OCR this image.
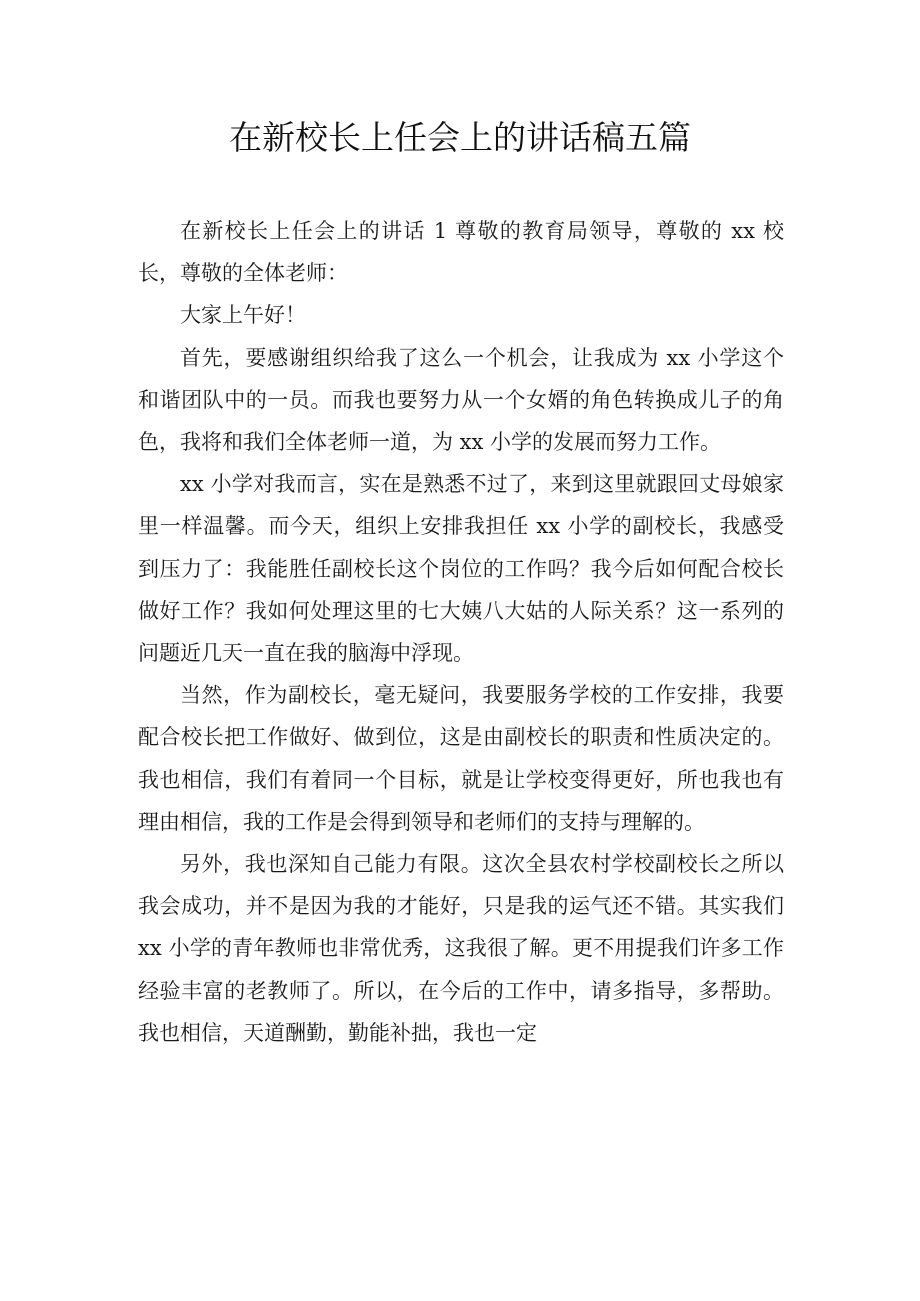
在新校长上任会上的讲话稿五篇

在新校长上任会上的讲话 1 尊敬的教育局领导，尊敬的 xx 校长，尊敬的全体老师：

大家上午好！

首先，要感谢组织给我了这么一个机会，让我成为 xx 小学这个和谐团队中的一员。而我也要努力从一个女婿的角色转换成儿子的角色，我将和我们全体老师一道，为 xx 小学的发展而努力工作。

xx 小学对我而言，实在是熟悉不过了，来到这里就跟回丈母娘家里一样温馨。而今天，组织上安排我担任 xx 小学的副校长，我感受到压力了：我能胜任副校长这个岗位的工作吗？我今后如何配合校长做好工作？我如何处理这里的七大姨八大姑的人际关系？这一系列的问题近几天一直在我的脑海中浮现。

当然，作为副校长，毫无疑问，我要服务学校的工作安排，我要配合校长把工作做好、做到位，这是由副校长的职责和性质决定的。我也相信，我们有着同一个目标，就是让学校变得更好，所也我也有理由相信，我的工作是会得到领导和老师们的支持与理解的。

另外，我也深知自己能力有限。这次全县农村学校副校长之所以我会成功，并不是因为我的才能好，只是我的运气还不错。其实我们 xx 小学的青年教师也非常优秀，这我很了解。更不用提我们许多工作经验丰富的老教师了。所以，在今后的工作中，请多指导，多帮助。我也相信，天道酬勤，勤能补拙，我也一定
